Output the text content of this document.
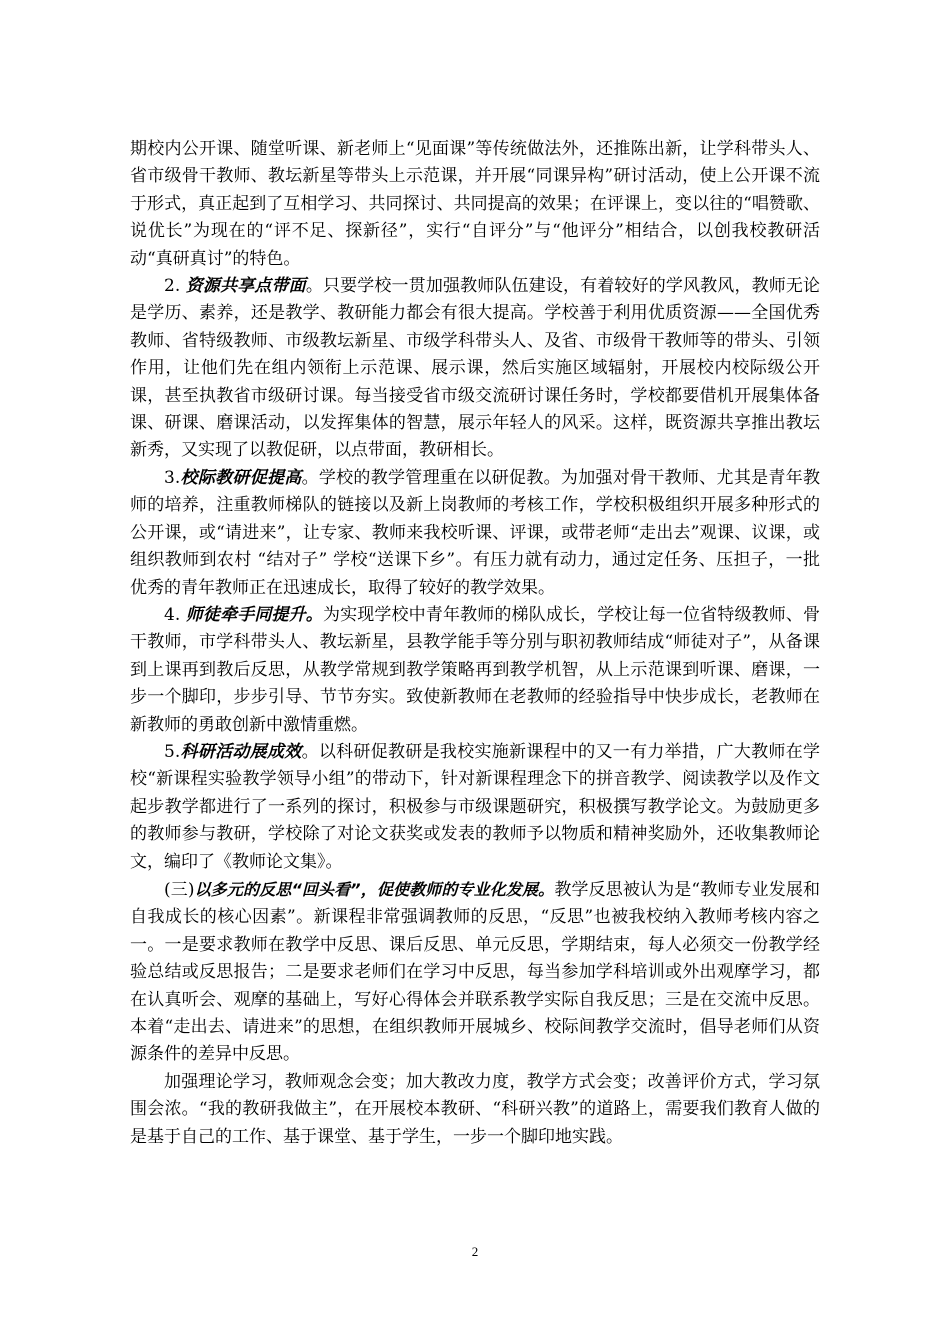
期校内公开课、随堂听课、新老师上“见面课”等传统做法外，还推陈出新，让学科带头人、省市级骨干教师、教坛新星等带头上示范课，并开展“同课异构”研讨活动，使上公开课不流于形式，真正起到了互相学习、共同探讨、共同提高的效果；在评课上，变以往的“唱赞歌、说优长”为现在的“评不足、探新径”，实行“自评分”与“他评分”相结合，以创我校教研活动“真研真讨”的特色。

2. 资源共享点带面。只要学校一贯加强教师队伍建设，有着较好的学风教风，教师无论是学历、素养，还是教学、教研能力都会有很大提高。学校善于利用优质资源——全国优秀教师、省特级教师、市级教坛新星、市级学科带头人、及省、市级骨干教师等的带头、引领作用，让他们先在组内领衔上示范课、展示课，然后实施区域辐射，开展校内校际级公开课，甚至执教省市级研讨课。每当接受省市级交流研讨课任务时，学校都要借机开展集体备课、研课、磨课活动，以发挥集体的智慧，展示年轻人的风采。这样，既资源共享推出教坛新秀，又实现了以教促研，以点带面，教研相长。

3.校际教研促提高。学校的教学管理重在以研促教。为加强对骨干教师、尤其是青年教师的培养，注重教师梯队的链接以及新上岗教师的考核工作，学校积极组织开展多种形式的公开课，或“请进来”，让专家、教师来我校听课、评课，或带老师“走出去”观课、议课，或组织教师到农村 “结对子” 学校“送课下乡”。有压力就有动力，通过定任务、压担子，一批优秀的青年教师正在迅速成长，取得了较好的教学效果。

4. 师徒牵手同提升。为实现学校中青年教师的梯队成长，学校让每一位省特级教师、骨干教师，市学科带头人、教坛新星，县教学能手等分别与职初教师结成“师徒对子”，从备课到上课再到教后反思，从教学常规到教学策略再到教学机智，从上示范课到听课、磨课，一步一个脚印，步步引导、节节夯实。致使新教师在老教师的经验指导中快步成长，老教师在新教师的勇敢创新中激情重燃。

5.科研活动展成效。以科研促教研是我校实施新课程中的又一有力举措，广大教师在学校“新课程实验教学领导小组”的带动下，针对新课程理念下的拼音教学、阅读教学以及作文起步教学都进行了一系列的探讨，积极参与市级课题研究，积极撰写教学论文。为鼓励更多的教师参与教研，学校除了对论文获奖或发表的教师予以物质和精神奖励外，还收集教师论文，编印了《教师论文集》。

(三)以多元的反思“回头看”，促使教师的专业化发展。教学反思被认为是“教师专业发展和自我成长的核心因素”。新课程非常强调教师的反思，“反思”也被我校纳入教师考核内容之一。一是要求教师在教学中反思、课后反思、单元反思，学期结束，每人必须交一份教学经验总结或反思报告；二是要求老师们在学习中反思，每当参加学科培训或外出观摩学习，都在认真听会、观摩的基础上，写好心得体会并联系教学实际自我反思；三是在交流中反思。本着“走出去、请进来”的思想，在组织教师开展城乡、校际间教学交流时，倡导老师们从资源条件的差异中反思。

加强理论学习，教师观念会变；加大教改力度，教学方式会变；改善评价方式，学习氛围会浓。“我的教研我做主”，在开展校本教研、“科研兴教”的道路上，需要我们教育人做的是基于自己的工作、基于课堂、基于学生，一步一个脚印地实践。

2
